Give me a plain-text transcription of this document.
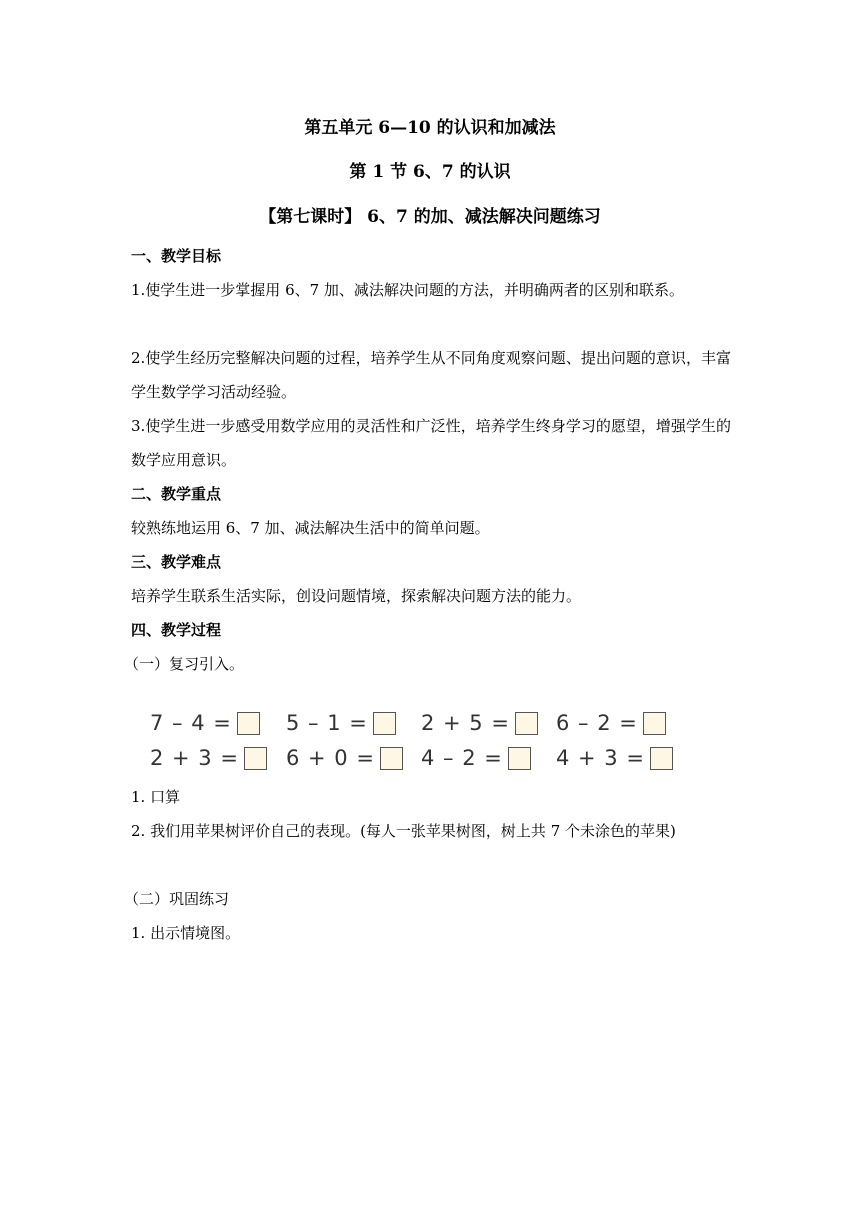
第五单元 6—10 的认识和加减法
第 1 节 6、7 的认识
【第七课时】 6、7 的加、减法解决问题练习
一、教学目标
1.使学生进一步掌握用 6、7 加、减法解决问题的方法，并明确两者的区别和联系。
2.使学生经历完整解决问题的过程，培养学生从不同角度观察问题、提出问题的意识，丰富学生数学学习活动经验。
3.使学生进一步感受用数学应用的灵活性和广泛性，培养学生终身学习的愿望，增强学生的数学应用意识。
二、教学重点
较熟练地运用 6、7 加、减法解决生活中的简单问题。
三、教学难点
培养学生联系生活实际，创设问题情境，探索解决问题方法的能力。
四、教学过程
（一）复习引入。
7 – 4 =	5 – 1 =	2 + 5 = 6 – 2 =
2 + 3 = 6 + 0 = 4 – 2 =	4 + 3 =
1. 口算
2. 我们用苹果树评价自己的表现。(每人一张苹果树图，树上共 7 个未涂色的苹果)
（二）巩固练习
1. 出示情境图。
